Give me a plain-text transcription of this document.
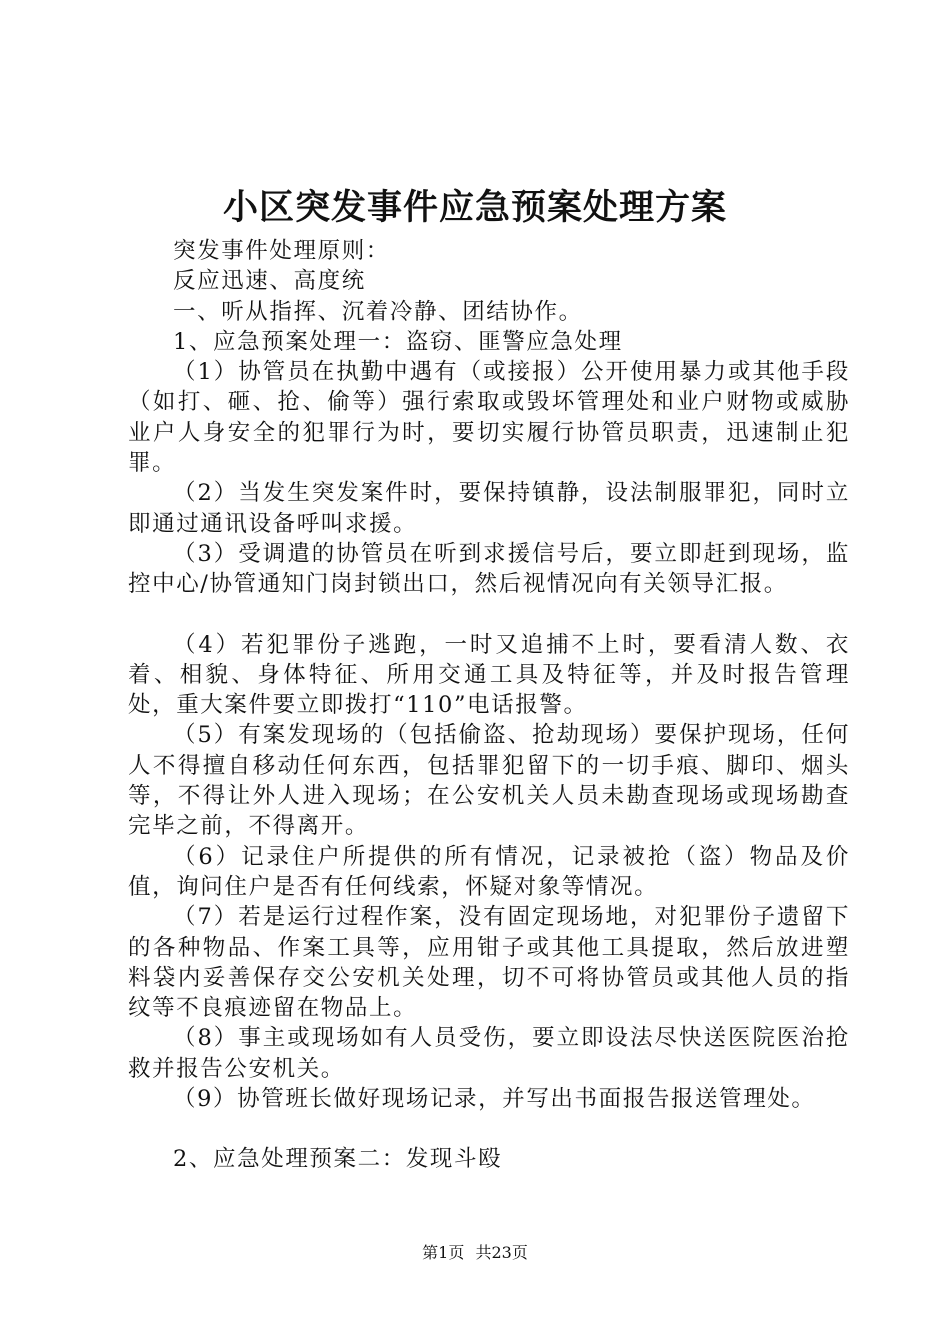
小区突发事件应急预案处理方案

突发事件处理原则：

反应迅速、高度统

一、听从指挥、沉着冷静、团结协作。

1、应急预案处理一：盗窃、匪警应急处理

（1）协管员在执勤中遇有（或接报）公开使用暴力或其他手段（如打、砸、抢、偷等）强行索取或毁坏管理处和业户财物或威胁业户人身安全的犯罪行为时，要切实履行协管员职责，迅速制止犯罪。

（2）当发生突发案件时，要保持镇静，设法制服罪犯，同时立即通过通讯设备呼叫求援。

（3）受调遣的协管员在听到求援信号后，要立即赶到现场，监控中心/协管通知门岗封锁出口，然后视情况向有关领导汇报。

（4）若犯罪份子逃跑，一时又追捕不上时，要看清人数、衣着、相貌、身体特征、所用交通工具及特征等，并及时报告管理处，重大案件要立即拨打“110”电话报警。

（5）有案发现场的（包括偷盗、抢劫现场）要保护现场，任何人不得擅自移动任何东西，包括罪犯留下的一切手痕、脚印、烟头等，不得让外人进入现场；在公安机关人员未勘查现场或现场勘查完毕之前，不得离开。

（6）记录住户所提供的所有情况，记录被抢（盗）物品及价值，询问住户是否有任何线索，怀疑对象等情况。

（7）若是运行过程作案，没有固定现场地，对犯罪份子遗留下的各种物品、作案工具等，应用钳子或其他工具提取，然后放进塑料袋内妥善保存交公安机关处理，切不可将协管员或其他人员的指纹等不良痕迹留在物品上。

（8）事主或现场如有人员受伤，要立即设法尽快送医院医治抢救并报告公安机关。

（9）协管班长做好现场记录，并写出书面报告报送管理处。

2、应急处理预案二：发现斗殴

第1页 共23页
